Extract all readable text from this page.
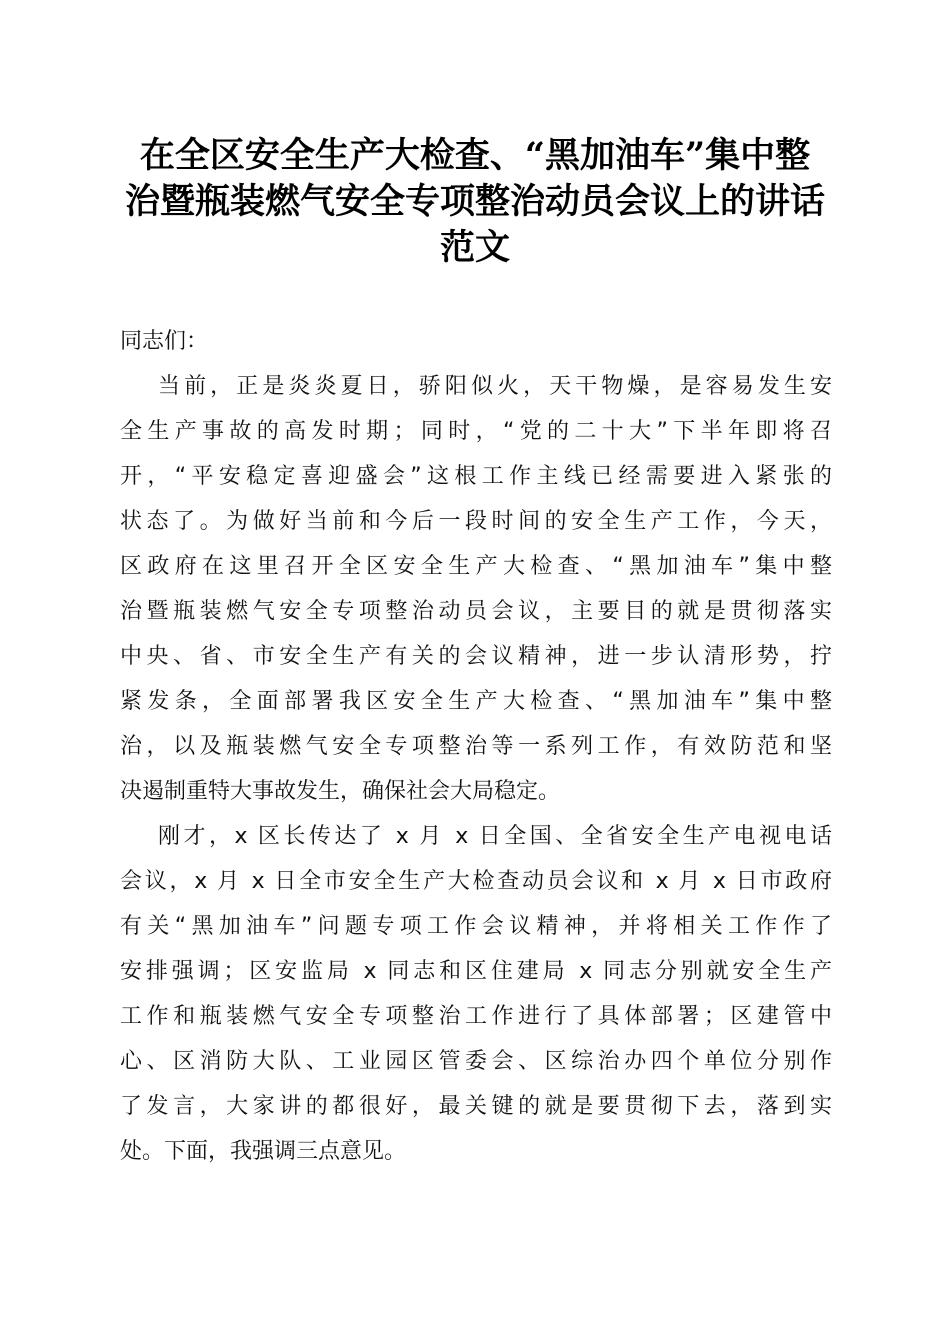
在全区安全生产大检查、“黑加油车”集中整
治暨瓶装燃气安全专项整治动员会议上的讲话
范文

同志们：

当前，正是炎炎夏日，骄阳似火，天干物燥，是容易发生安
全生产事故的高发时期；同时，“党的二十大”下半年即将召
开，“平安稳定喜迎盛会”这根工作主线已经需要进入紧张的
状态了。为做好当前和今后一段时间的安全生产工作，今天，
区政府在这里召开全区安全生产大检查、“黑加油车”集中整
治暨瓶装燃气安全专项整治动员会议，主要目的就是贯彻落实
中央、省、市安全生产有关的会议精神，进一步认清形势，拧
紧发条，全面部署我区安全生产大检查、“黑加油车”集中整
治，以及瓶装燃气安全专项整治等一系列工作，有效防范和坚
决遏制重特大事故发生，确保社会大局稳定。

刚才，x 区长传达了 x 月 x 日全国、全省安全生产电视电话
会议，x 月 x 日全市安全生产大检查动员会议和 x 月 x 日市政府
有关“黑加油车”问题专项工作会议精神，并将相关工作作了
安排强调；区安监局 x 同志和区住建局 x 同志分别就安全生产
工作和瓶装燃气安全专项整治工作进行了具体部署；区建管中
心、区消防大队、工业园区管委会、区综治办四个单位分别作
了发言，大家讲的都很好，最关键的就是要贯彻下去，落到实
处。下面，我强调三点意见。
